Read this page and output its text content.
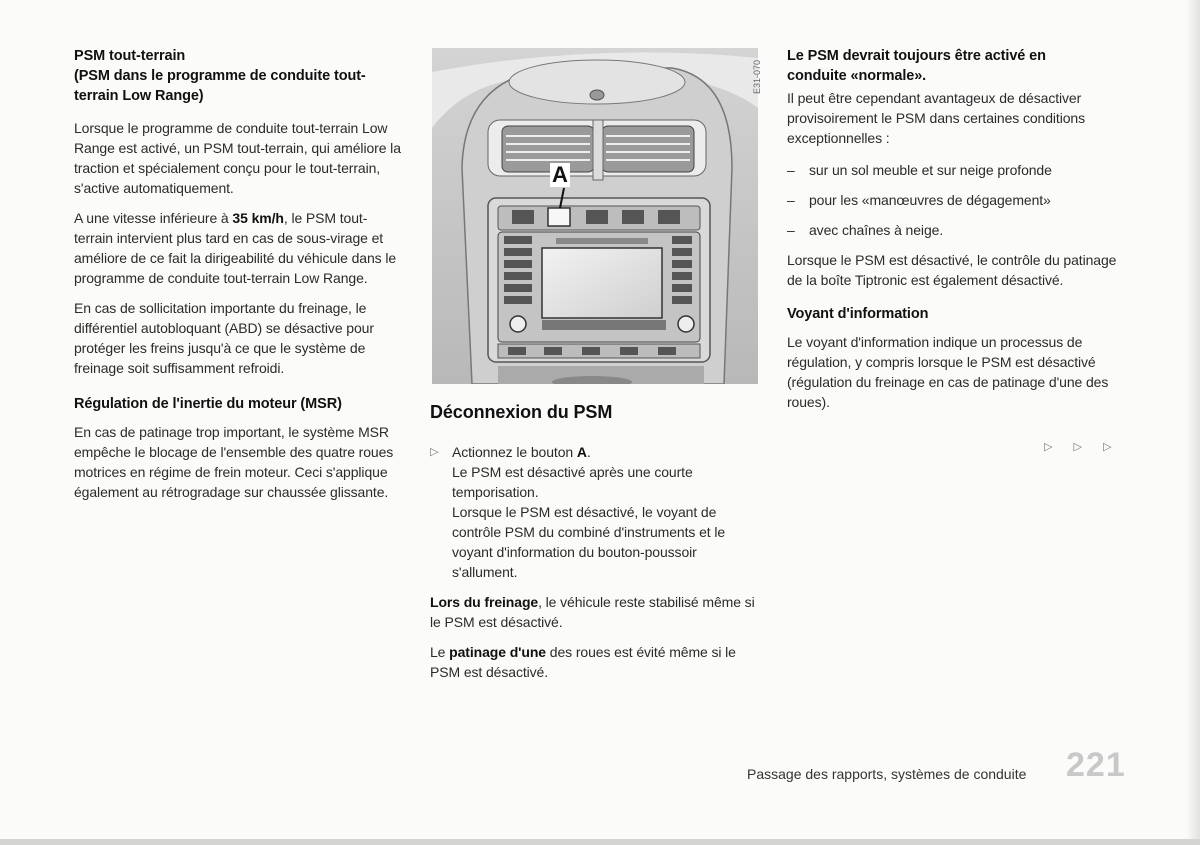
PSM tout-terrain
(PSM dans le programme de conduite tout-
terrain Low Range)

Lorsque le programme de conduite tout-terrain Low Range est activé, un PSM tout-terrain, qui améliore la traction et spécialement conçu pour le tout-terrain, s'active automatiquement.

A une vitesse inférieure à 35 km/h, le PSM tout-terrain intervient plus tard en cas de sous-virage et améliore de ce fait la dirigeabilité du véhicule dans le programme de conduite tout-terrain Low Range.

En cas de sollicitation importante du freinage, le différentiel autobloquant (ABD) se désactive pour protéger les freins jusqu'à ce que le système de freinage soit suffisamment refroidi.

Régulation de l'inertie du moteur (MSR)

En cas de patinage trop important, le système MSR empêche le blocage de l'ensemble des quatre roues motrices en régime de frein moteur. Ceci s'applique également au rétrogradage sur chaussée glissante.

A
E31-070
Déconnexion du PSM
▷ Actionnez le bouton A.
Le PSM est désactivé après une courte temporisation.
Lorsque le PSM est désactivé, le voyant de contrôle PSM du combiné d'instruments et le voyant d'information du bouton-poussoir s'allument.

Lors du freinage, le véhicule reste stabilisé même si le PSM est désactivé.

Le patinage d'une des roues est évité même si le PSM est désactivé.

Le PSM devrait toujours être activé en
conduite «normale».

Il peut être cependant avantageux de désactiver provisoirement le PSM dans certaines conditions exceptionnelles :

– sur un sol meuble et sur neige profonde
– pour les «manœuvres de dégagement»
– avec chaînes à neige.

Lorsque le PSM est désactivé, le contrôle du patinage de la boîte Tiptronic est également désactivé.

Voyant d'information

Le voyant d'information indique un processus de régulation, y compris lorsque le PSM est désactivé (régulation du freinage en cas de patinage d'une des roues).

▷ ▷ ▷
Passage des rapports, systèmes de conduite 221
